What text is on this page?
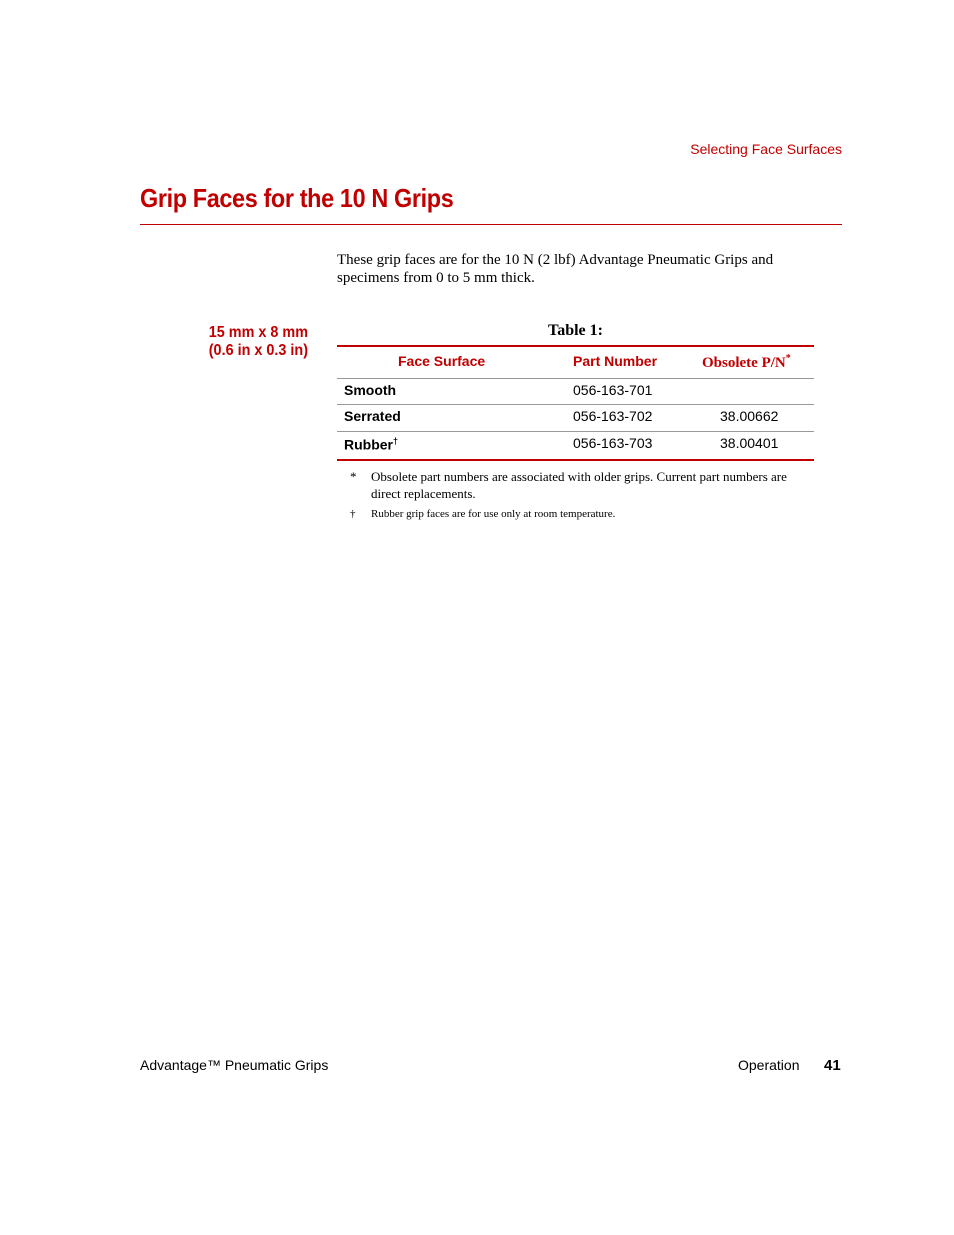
Selecting Face Surfaces
Grip Faces for the 10 N Grips

These grip faces are for the 10 N (2 lbf) Advantage Pneumatic Grips and specimens from 0 to 5 mm thick.

15 mm x 8 mm
(0.6 in x 0.3 in)
Table 1:
Face Surface	Part Number	Obsolete P/N*
Smooth	056-163-701
Serrated	056-163-702	38.00662
Rubber†	056-163-703	38.00401
* Obsolete part numbers are associated with older grips. Current part numbers are direct replacements.
† Rubber grip faces are for use only at room temperature.
Advantage™ Pneumatic Grips	Operation 41
